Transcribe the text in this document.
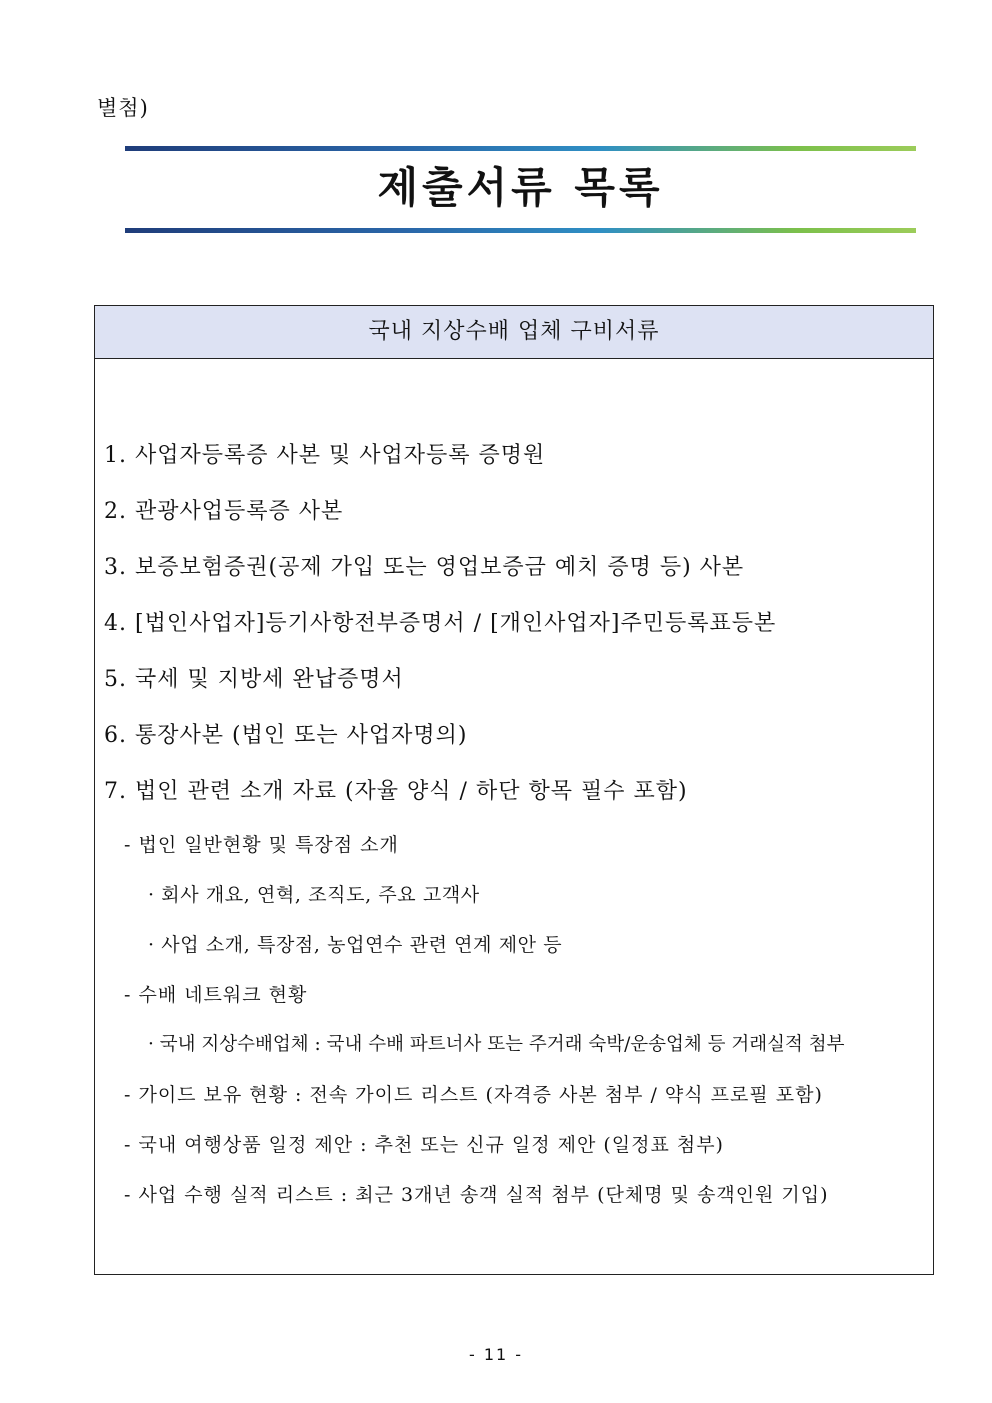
별첨)
제출서류 목록
국내 지상수배 업체 구비서류
1. 사업자등록증 사본 및 사업자등록 증명원
2. 관광사업등록증 사본
3. 보증보험증권(공제 가입 또는 영업보증금 예치 증명 등) 사본
4. [법인사업자]등기사항전부증명서 / [개인사업자]주민등록표등본
5. 국세 및 지방세 완납증명서
6. 통장사본 (법인 또는 사업자명의)
7. 법인 관련 소개 자료 (자율 양식 / 하단 항목 필수 포함)
- 법인 일반현황 및 특장점 소개
· 회사 개요, 연혁, 조직도, 주요 고객사
· 사업 소개, 특장점, 농업연수 관련 연계 제안 등
- 수배 네트워크 현황
· 국내 지상수배업체 : 국내 수배 파트너사 또는 주거래 숙박/운송업체 등 거래실적 첨부
- 가이드 보유 현황 : 전속 가이드 리스트 (자격증 사본 첨부 / 약식 프로필 포함)
- 국내 여행상품 일정 제안 : 추천 또는 신규 일정 제안 (일정표 첨부)
- 사업 수행 실적 리스트 : 최근 3개년 송객 실적 첨부 (단체명 및 송객인원 기입)
- 11 -
